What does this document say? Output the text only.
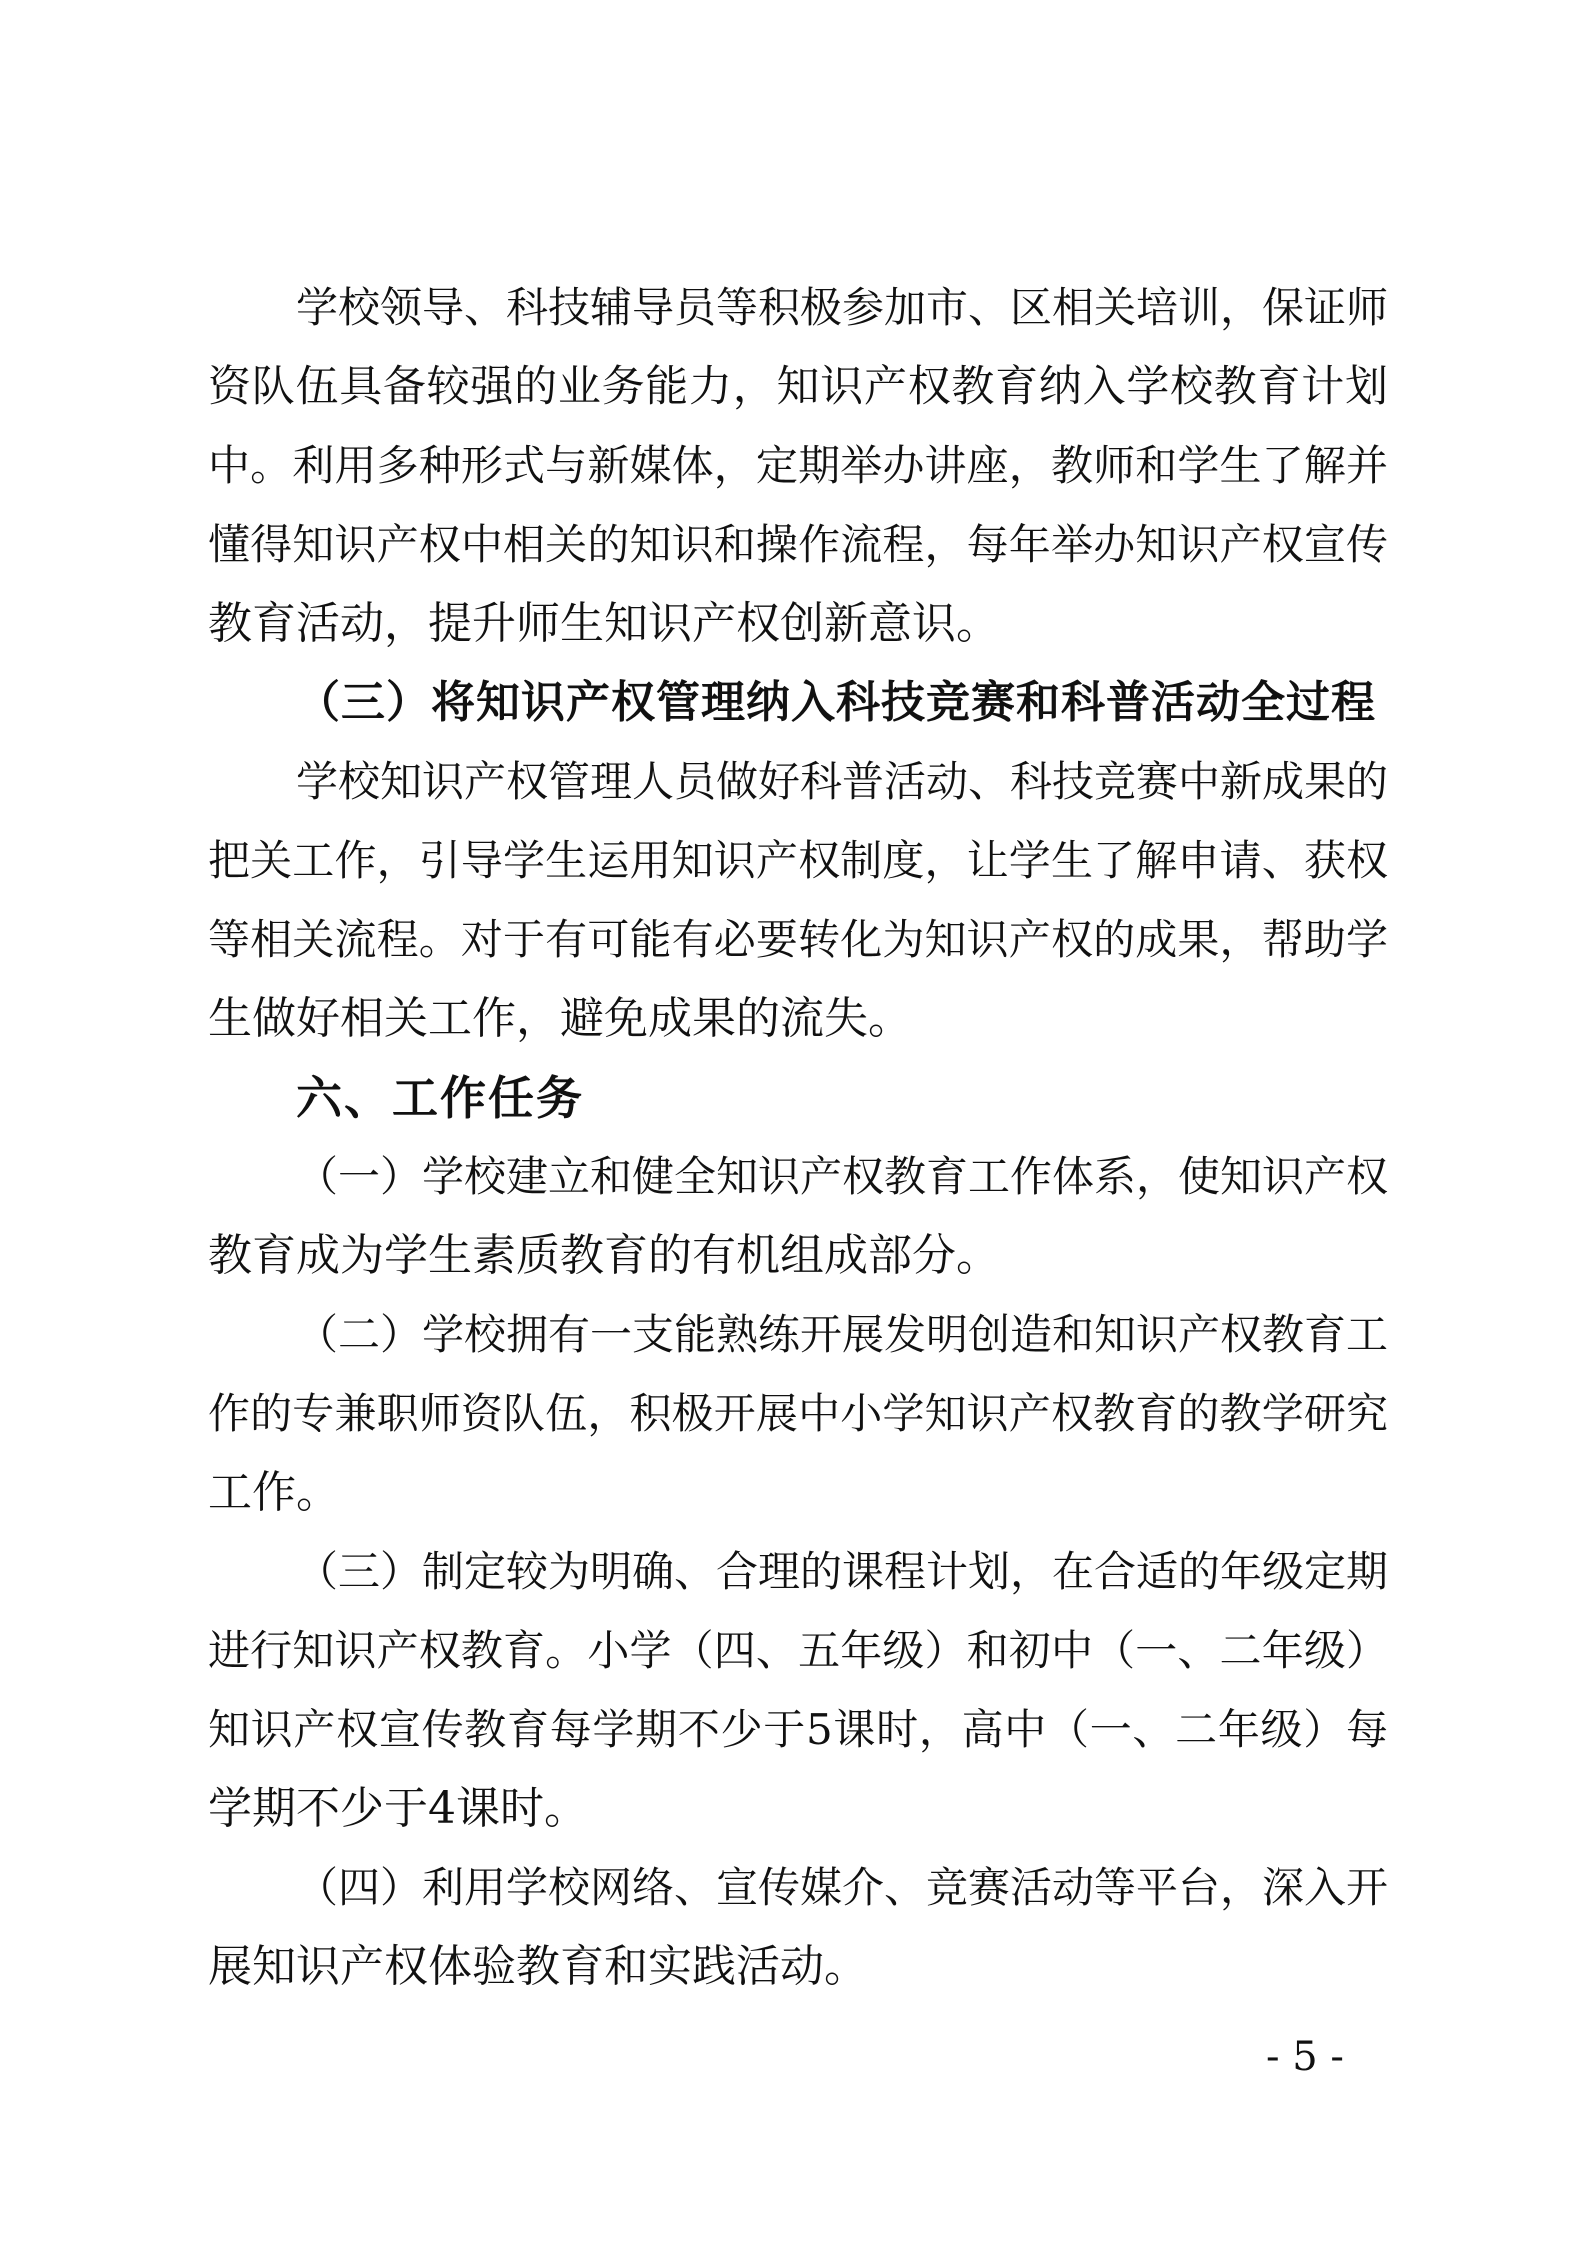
学校领导、科技辅导员等积极参加市、区相关培训，保证师
资队伍具备较强的业务能力，知识产权教育纳入学校教育计划
中。利用多种形式与新媒体，定期举办讲座，教师和学生了解并
懂得知识产权中相关的知识和操作流程，每年举办知识产权宣传
教育活动，提升师生知识产权创新意识。
（三）将知识产权管理纳入科技竞赛和科普活动全过程
学校知识产权管理人员做好科普活动、科技竞赛中新成果的
把关工作，引导学生运用知识产权制度，让学生了解申请、获权
等相关流程。对于有可能有必要转化为知识产权的成果，帮助学
生做好相关工作，避免成果的流失。
六、工作任务
（一）学校建立和健全知识产权教育工作体系，使知识产权
教育成为学生素质教育的有机组成部分。
（二）学校拥有一支能熟练开展发明创造和知识产权教育工
作的专兼职师资队伍，积极开展中小学知识产权教育的教学研究
工作。
（三）制定较为明确、合理的课程计划，在合适的年级定期
进行知识产权教育。小学（四、五年级）和初中（一、二年级）
知识产权宣传教育每学期不少于5课时，高中（一、二年级）每
学期不少于4课时。
（四）利用学校网络、宣传媒介、竞赛活动等平台，深入开
展知识产权体验教育和实践活动。
- 5 -
